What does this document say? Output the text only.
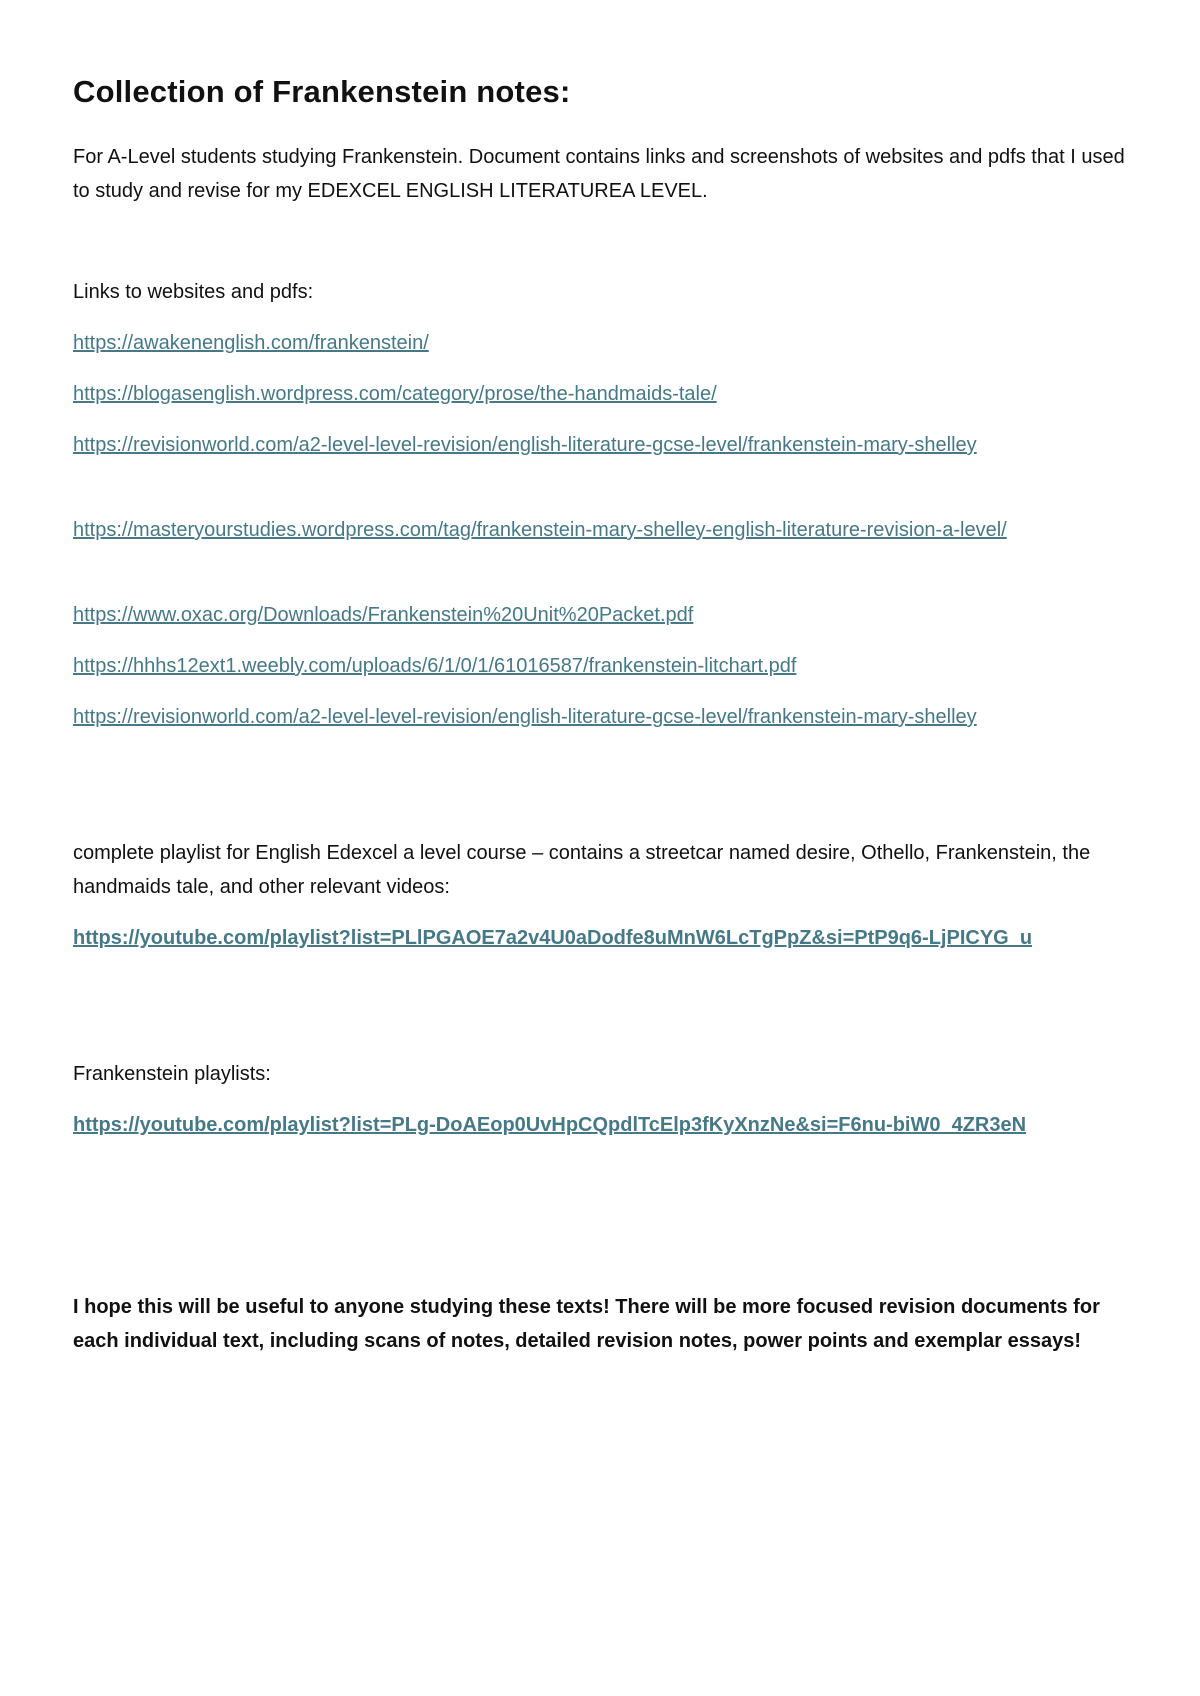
Collection of Frankenstein notes:

For A-Level students studying Frankenstein. Document contains links and screenshots of websites and pdfs that I used to study and revise for my EDEXCEL ENGLISH LITERATUREA LEVEL.

Links to websites and pdfs:

https://awakenenglish.com/frankenstein/
https://blogasenglish.wordpress.com/category/prose/the-handmaids-tale/
https://revisionworld.com/a2-level-level-revision/english-literature-gcse-level/frankenstein-mary-shelley
https://masteryourstudies.wordpress.com/tag/frankenstein-mary-shelley-english-literature-revision-a-level/
https://www.oxac.org/Downloads/Frankenstein%20Unit%20Packet.pdf
https://hhhs12ext1.weebly.com/uploads/6/1/0/1/61016587/frankenstein-litchart.pdf
https://revisionworld.com/a2-level-level-revision/english-literature-gcse-level/frankenstein-mary-shelley

complete playlist for English Edexcel a level course – contains a streetcar named desire, Othello, Frankenstein, the handmaids tale, and other relevant videos:

https://youtube.com/playlist?list=PLlPGAOE7a2v4U0aDodfe8uMnW6LcTgPpZ&si=PtP9q6-LjPICYG_u

Frankenstein playlists:

https://youtube.com/playlist?list=PLg-DoAEop0UvHpCQpdlTcElp3fKyXnzNe&si=F6nu-biW0_4ZR3eN

I hope this will be useful to anyone studying these texts! There will be more focused revision documents for each individual text, including scans of notes, detailed revision notes, power points and exemplar essays!
